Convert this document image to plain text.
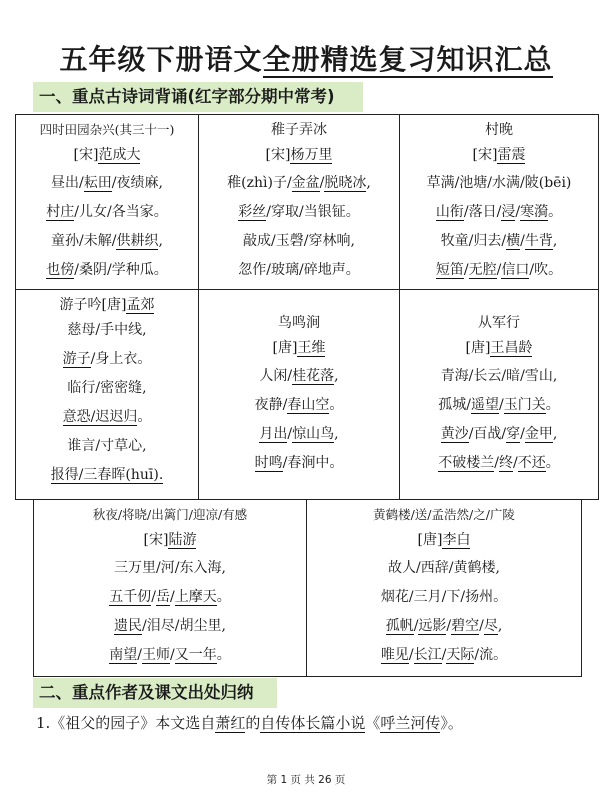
五年级下册语文全册精选复习知识汇总
一、重点古诗词背诵(红字部分期中常考)
四时田园杂兴(其三十一)
[宋]范成大
昼出/耘田/夜绩麻,
村庄/儿女/各当家。
童孙/未解/供耕织,
也傍/桑阴/学种瓜。
稚子弄冰
[宋]杨万里
稚(zhì)子/金盆/脱晓冰,
彩丝/穿取/当银钲。
敲成/玉磬/穿林响,
忽作/玻璃/碎地声。
村晚
[宋]雷震
草满/池塘/水满/陂(bēi)
山衔/落日/浸/寒漪。
牧童/归去/横/牛背,
短笛/无腔/信口/吹。
游子吟[唐]孟郊
慈母/手中线,
游子/身上衣。
临行/密密缝,
意恐/迟迟归。
谁言/寸草心,
报得/三春晖(huī).
鸟鸣涧
[唐]王维
人闲/桂花落,
夜静/春山空。
月出/惊山鸟,
时鸣/春涧中。
从军行
[唐]王昌龄
青海/长云/暗/雪山,
孤城/遥望/玉门关。
黄沙/百战/穿/金甲,
不破楼兰/终/不还。
秋夜/将晓/出篱门/迎凉/有感
[宋]陆游
三万里/河/东入海,
五千仞/岳/上摩天。
遗民/泪尽/胡尘里,
南望/王师/又一年。
黄鹤楼/送/孟浩然/之/广陵
[唐]李白
故人/西辞/黄鹤楼,
烟花/三月/下/扬州。
孤帆/远影/碧空/尽,
唯见/长江/天际/流。
二、重点作者及课文出处归纳
1.《祖父的园子》本文选自萧红的自传体长篇小说《呼兰河传》。
第 1 页 共 26 页
